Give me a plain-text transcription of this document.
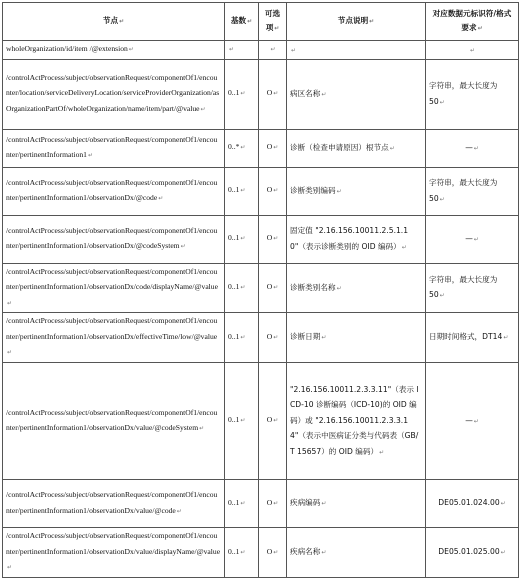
节点↵	基数↵	可选项↵	节点说明↵	对应数据元标识符/格式要求↵
wholeOrganization/id/item /@extension↵	↵	↵	↵	↵
/controlActProcess/subject/observationRequest/componentOf1/encounter/location/serviceDeliveryLocation/serviceProviderOrganization/asOrganizationPartOf/wholeOrganization/name/item/part/@value↵	0..1↵	O↵	病区名称↵	字符串，最大长度为 50↵
/controlActProcess/subject/observationRequest/componentOf1/encounter/pertinentInformation1↵	0..*↵	O↵	诊断（检查申请原因）根节点↵	—↵
/controlActProcess/subject/observationRequest/componentOf1/encounter/pertinentInformation1/observationDx/@code↵	0..1↵	O↵	诊断类别编码↵	字符串，最大长度为 50↵
/controlActProcess/subject/observationRequest/componentOf1/encounter/pertinentInformation1/observationDx/@codeSystem↵	0..1↵	O↵	固定值 "2.16.156.10011.2.5.1.10"（表示诊断类别的 OID 编码）↵	—↵
/controlActProcess/subject/observationRequest/componentOf1/encounter/pertinentInformation1/observationDx/code/displayName/@value↵	0..1↵	O↵	诊断类别名称↵	字符串，最大长度为 50↵
/controlActProcess/subject/observationRequest/componentOf1/encounter/pertinentInformation1/observationDx/effectiveTime/low/@value↵	0..1↵	O↵	诊断日期↵	日期时间格式，DT14↵
/controlActProcess/subject/observationRequest/componentOf1/encounter/pertinentInformation1/observationDx/value/@codeSystem↵	0..1↵	O↵	"2.16.156.10011.2.3.3.11"（表示 ICD-10 诊断编码（ICD-10)的 OID 编码）或 "2.16.156.10011.2.3.3.14"（表示中医病证分类与代码表（GB/T 15657）的 OID 编码）↵	—↵
/controlActProcess/subject/observationRequest/componentOf1/encounter/pertinentInformation1/observationDx/value/@code↵	0..1↵	O↵	疾病编码↵	DE05.01.024.00↵
/controlActProcess/subject/observationRequest/componentOf1/encounter/pertinentInformation1/observationDx/value/displayName/@value↵	0..1↵	O↵	疾病名称↵	DE05.01.025.00↵
